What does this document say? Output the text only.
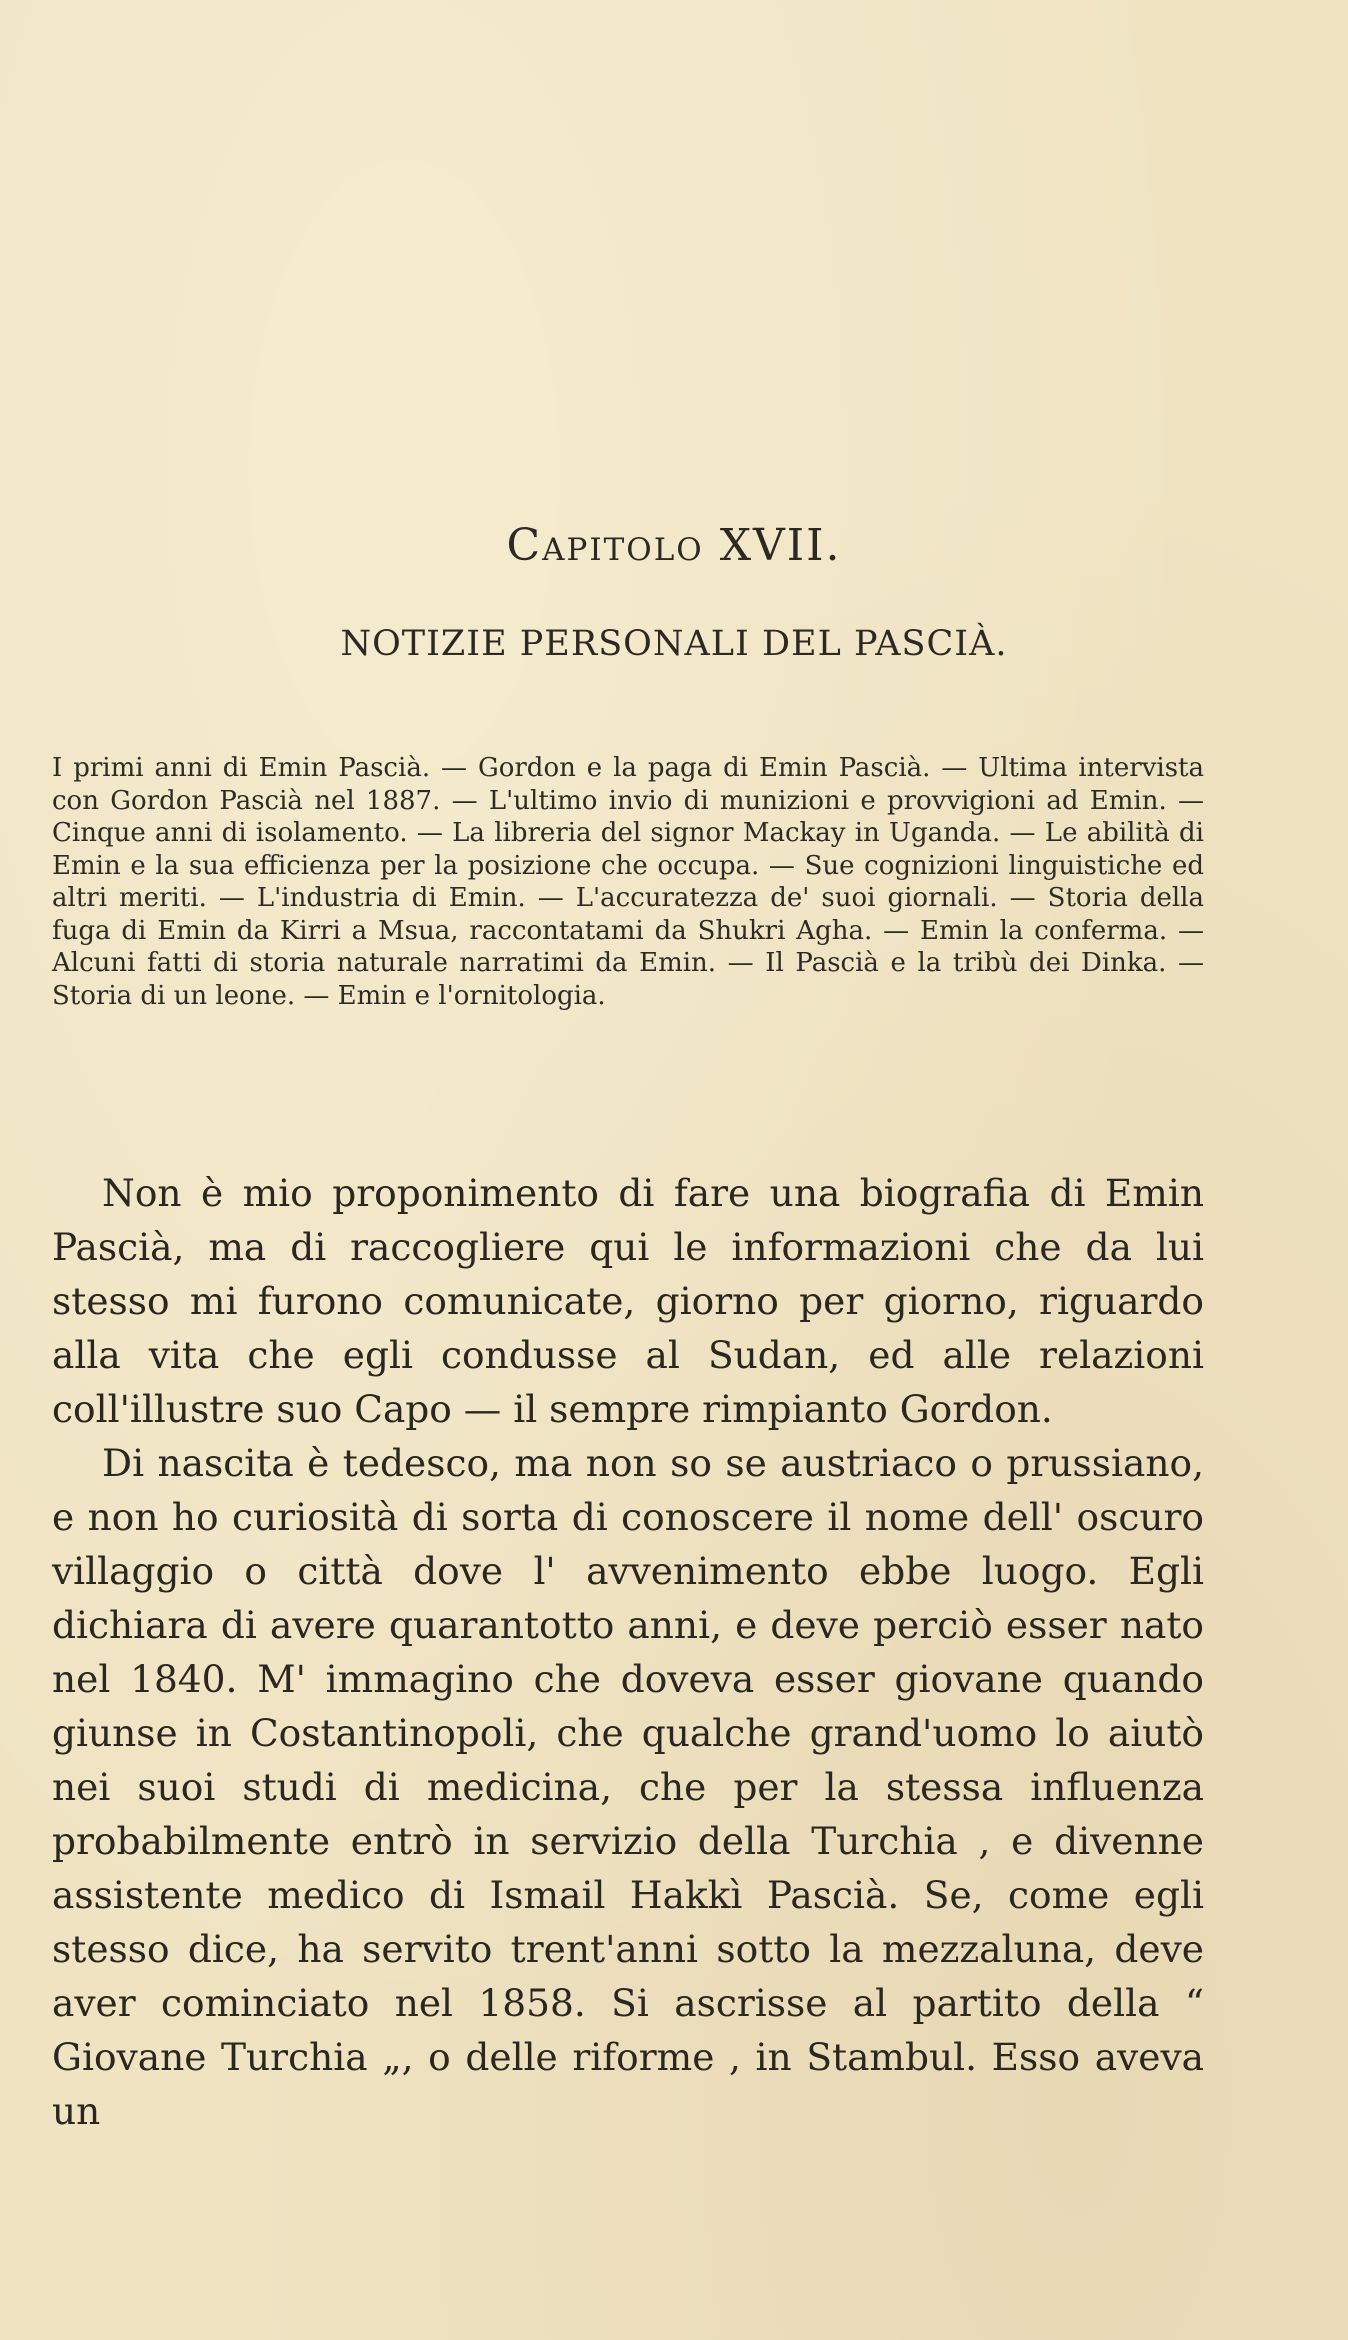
Capitolo XVII.
NOTIZIE PERSONALI DEL PASCIÀ.

I primi anni di Emin Pascià. — Gordon e la paga di Emin Pascià. — Ultima intervista con Gordon Pascià nel 1887. — L'ultimo invio di munizioni e provvigioni ad Emin. — Cinque anni di isolamento. — La libreria del signor Mackay in Uganda. — Le abilità di Emin e la sua efficienza per la posizione che occupa. — Sue cognizioni linguistiche ed altri meriti. — L'industria di Emin. — L'accuratezza de' suoi giornali. — Storia della fuga di Emin da Kirri a Msua, raccontatami da Shukri Agha. — Emin la conferma. — Alcuni fatti di storia naturale narratimi da Emin. — Il Pascià e la tribù dei Dinka. — Storia di un leone. — Emin e l'ornitologia.

Non è mio proponimento di fare una biografia di Emin Pascià, ma di raccogliere qui le informazioni che da lui stesso mi furono comunicate, giorno per giorno, riguardo alla vita che egli condusse al Sudan, ed alle relazioni coll'illustre suo Capo — il sempre rimpianto Gordon.

Di nascita è tedesco, ma non so se austriaco o prussiano, e non ho curiosità di sorta di conoscere il nome dell' oscuro villaggio o città dove l' avvenimento ebbe luogo. Egli dichiara di avere quarantotto anni, e deve perciò esser nato nel 1840. M' immagino che doveva esser giovane quando giunse in Costantinopoli, che qualche grand'uomo lo aiutò nei suoi studi di medicina, che per la stessa influenza probabilmente entrò in servizio della Turchia , e divenne assistente medico di Ismail Hakkì Pascià. Se, come egli stesso dice, ha servito trent'anni sotto la mezzaluna, deve aver cominciato nel 1858. Si ascrisse al partito della “ Giovane Turchia „, o delle riforme , in Stambul. Esso aveva un
